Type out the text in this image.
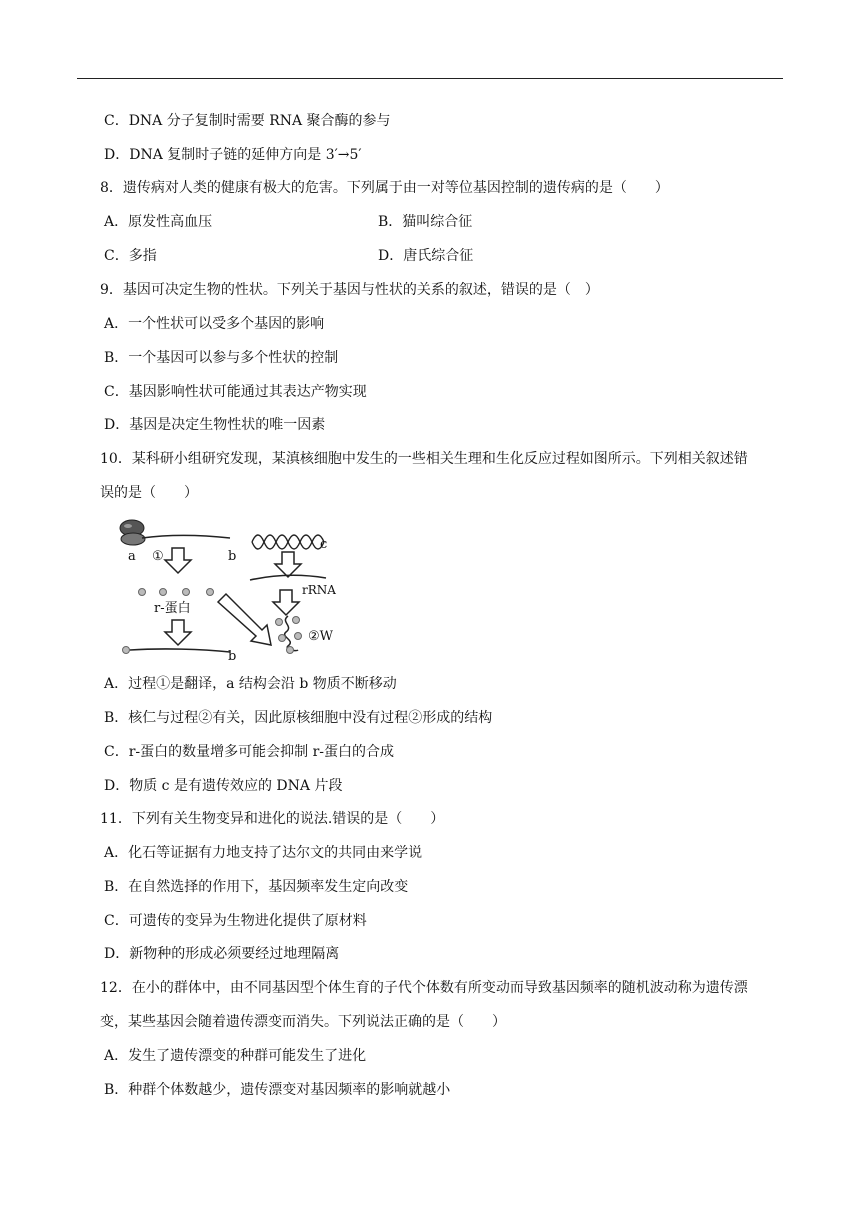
C．DNA 分子复制时需要 RNA 聚合酶的参与
D．DNA 复制时子链的延伸方向是 3′→5′
8．遗传病对人类的健康有极大的危害。下列属于由一对等位基因控制的遗传病的是（　　）
A．原发性高血压	B．猫叫综合征
C．多指	D．唐氏综合征
9．基因可决定生物的性状。下列关于基因与性状的关系的叙述，错误的是（　）
A．一个性状可以受多个基因的影响
B．一个基因可以参与多个性状的控制
C．基因影响性状可能通过其表达产物实现
D．基因是决定生物性状的唯一因素
10．某科研小组研究发现，某滇核细胞中发生的一些相关生理和生化反应过程如图所示。下列相关叙述错
误的是（　　）
a ①	b
c
rRNA
r-蛋白
②W
b
A．过程①是翻译，a 结构会沿 b 物质不断移动
B．核仁与过程②有关，因此原核细胞中没有过程②形成的结构
C．r-蛋白的数量增多可能会抑制 r-蛋白的合成
D．物质 c 是有遗传效应的 DNA 片段
11．下列有关生物变异和进化的说法.错误的是（　　）
A．化石等证据有力地支持了达尔文的共同由来学说
B．在自然选择的作用下，基因频率发生定向改变
C．可遗传的变异为生物进化提供了原材料
D．新物种的形成必须要经过地理隔离
12．在小的群体中，由不同基因型个体生育的子代个体数有所变动而导致基因频率的随机波动称为遗传漂
变，某些基因会随着遗传漂变而消失。下列说法正确的是（　　）
A．发生了遗传漂变的种群可能发生了进化
B．种群个体数越少，遗传漂变对基因频率的影响就越小
